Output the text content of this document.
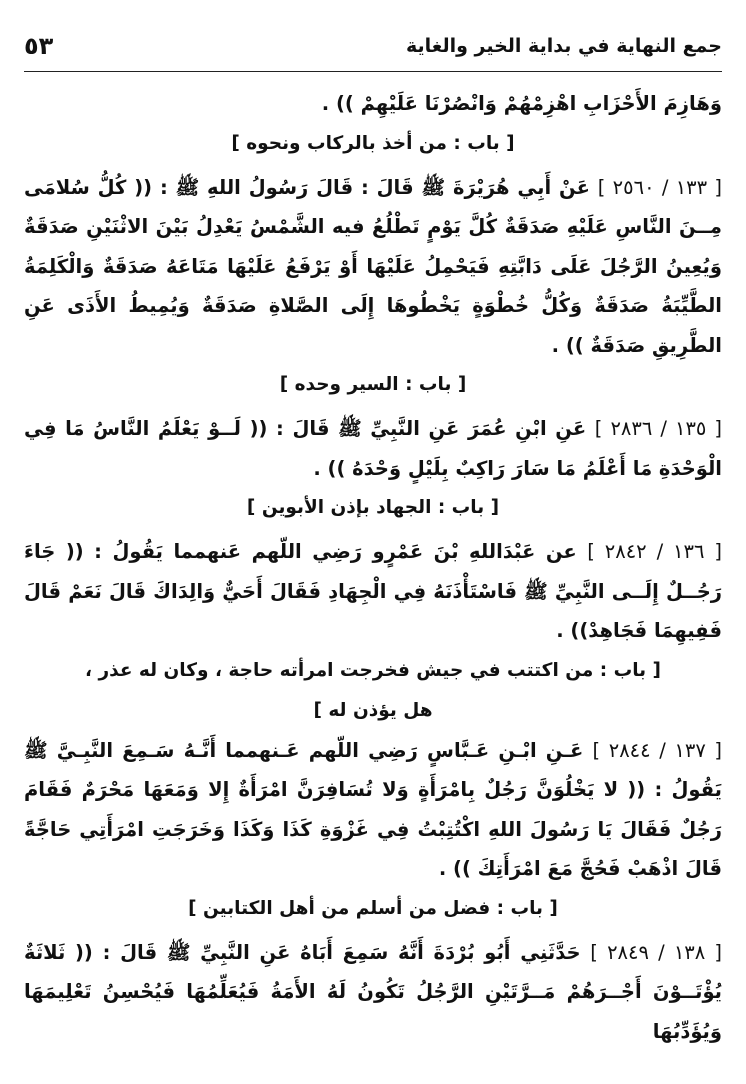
جمع النهاية في بداية الخير والغاية
٥٣

وَهَازِمَ الأَحْزَابِ اهْزِمْهُمْ وَانْصُرْنَا عَلَيْهِمْ )) .

[ باب : من أخذ بالركاب ونحوه ]

[ ١٣٣ / ٢٥٦٠ ] عَنْ أَبِي هُرَيْرَةَ ﷺ قَالَ : قَالَ رَسُولُ اللهِ ﷺ : (( كُلُّ سُلامَى مِــنَ النَّاسِ عَلَيْهِ صَدَقَةٌ كُلَّ يَوْمٍ تَطْلُعُ فيه الشَّمْسُ يَعْدِلُ بَيْنَ الاثْنَيْنِ صَدَقَةٌ وَيُعِينُ الرَّجُلَ عَلَى دَابَّتِهِ فَيَحْمِلُ عَلَيْهَا أَوْ يَرْفَعُ عَلَيْهَا مَتَاعَهُ صَدَقَةٌ وَالْكَلِمَةُ الطَّيِّبَةُ صَدَقَةٌ وَكُلُّ خُطْوَةٍ يَخْطُوهَا إِلَى الصَّلاةِ صَدَقَةٌ وَيُمِيطُ الأَذَى عَنِ الطَّرِيقِ صَدَقَةٌ )) .

[ باب : السير وحده ]

[ ١٣٥ / ٢٨٣٦ ] عَنِ ابْنِ عُمَرَ عَنِ النَّبِيِّ ﷺ قَالَ : (( لَــوْ يَعْلَمُ النَّاسُ مَا فِي الْوَحْدَةِ مَا أَعْلَمُ مَا سَارَ رَاكِبٌ بِلَيْلٍ وَحْدَهُ )) .

[ باب : الجهاد بإذن الأبوين ]

[ ١٣٦ / ٢٨٤٢ ] عن عَبْدَاللهِ بْنَ عَمْرٍو رَضِي اللّهم عَنهمما يَقُولُ : (( جَاءَ رَجُــلٌ إِلَــى النَّبِيِّ ﷺ فَاسْتَأْذَنَهُ فِي الْجِهَادِ فَقَالَ أَحَيٌّ وَالِدَاكَ قَالَ نَعَمْ قَالَ فَفِيهِمَا فَجَاهِدْ)) .

[ باب : من اكتتب في جيش فخرجت امرأته حاجة ، وكان له عذر ،
هل يؤذن له ]

[ ١٣٧ / ٢٨٤٤ ] عَـنِ ابْـنِ عَـبَّاسٍ رَضِي اللّهم عَـنهمما أَنَّـهُ سَـمِعَ النَّبِـيَّ ﷺ يَقُولُ : (( لا يَخْلُوَنَّ رَجُلٌ بِامْرَأَةٍ وَلا تُسَافِرَنَّ امْرَأَةٌ إِلا وَمَعَهَا مَحْرَمٌ فَقَامَ رَجُلٌ فَقَالَ يَا رَسُولَ اللهِ اكْتُتِبْتُ فِي غَزْوَةِ كَذَا وَكَذَا وَخَرَجَتِ امْرَأَتِي حَاجَّةً قَالَ اذْهَبْ فَحُجَّ مَعَ امْرَأَتِكَ )) .

[ باب : فضل من أسلم من أهل الكتابين ]

[ ١٣٨ / ٢٨٤٩ ] حَدَّثَنِي أَبُو بُرْدَةَ أَنَّهُ سَمِعَ أَبَاهُ عَنِ النَّبِيِّ ﷺ قَالَ : (( ثَلاثَةٌ يُؤْتَــوْنَ أَجْــرَهُمْ مَــرَّتَيْنِ الرَّجُلُ تَكُونُ لَهُ الأَمَةُ فَيُعَلِّمُهَا فَيُحْسِنُ تَعْلِيمَهَا وَيُؤَدِّبُهَا
